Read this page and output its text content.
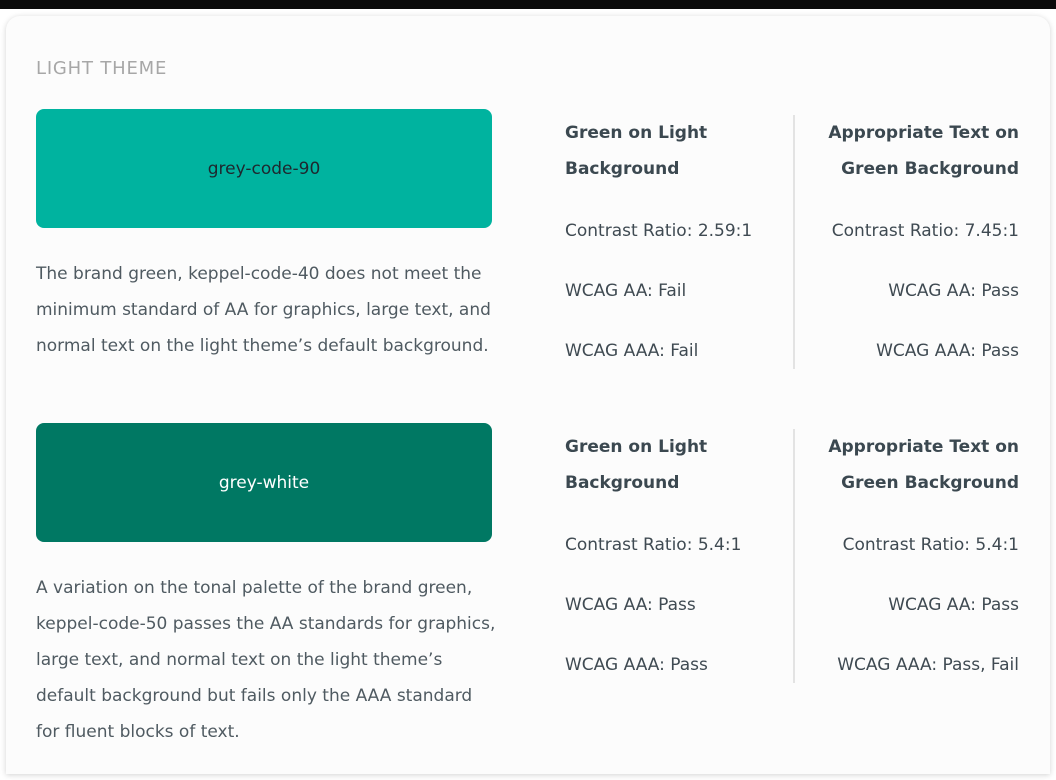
LIGHT THEME
grey-code-90
The brand green, keppel-code-40 does not meet the minimum standard of AA for graphics, large text, and normal text on the light theme’s default background.
Green on Light Background
Contrast Ratio: 2.59:1
WCAG AA: Fail
WCAG AAA: Fail
Appropriate Text on Green Background
Contrast Ratio: 7.45:1
WCAG AA: Pass
WCAG AAA: Pass
grey-white
A variation on the tonal palette of the brand green, keppel-code-50 passes the AA standards for graphics, large text, and normal text on the light theme’s default background but fails only the AAA standard for fluent blocks of text.
Green on Light Background
Contrast Ratio: 5.4:1
WCAG AA: Pass
WCAG AAA: Pass
Appropriate Text on Green Background
Contrast Ratio: 5.4:1
WCAG AA: Pass
WCAG AAA: Pass, Fail
